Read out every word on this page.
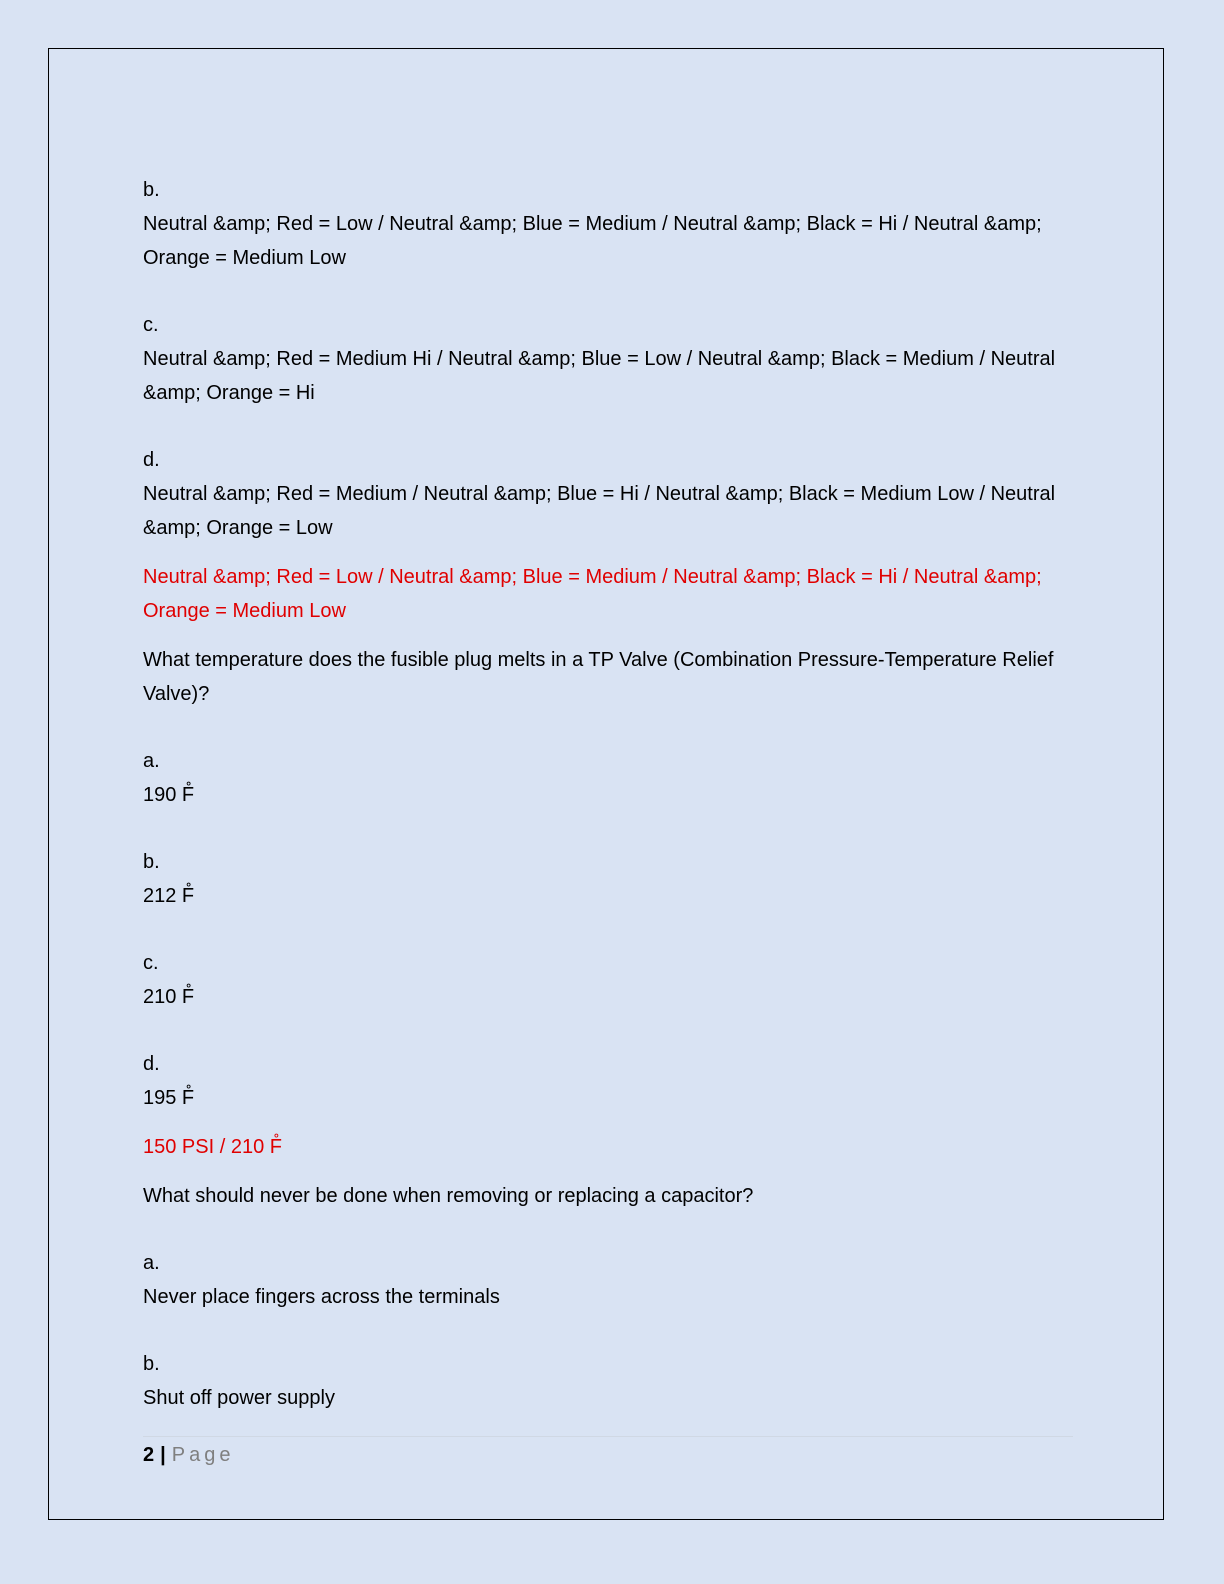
b.

Neutral &amp; Red = Low / Neutral &amp; Blue = Medium / Neutral &amp; Black = Hi / Neutral &amp; Orange = Medium Low

c.

Neutral &amp; Red = Medium Hi / Neutral &amp; Blue = Low / Neutral &amp; Black = Medium / Neutral &amp; Orange = Hi

d.

Neutral &amp; Red = Medium / Neutral &amp; Blue = Hi / Neutral &amp; Black = Medium Low / Neutral &amp; Orange = Low

Neutral &amp; Red = Low / Neutral &amp; Blue = Medium / Neutral &amp; Black = Hi / Neutral &amp; Orange = Medium Low

What temperature does the fusible plug melts in a TP Valve (Combination Pressure-Temperature Relief Valve)?

a.

190 F̊

b.

212 F̊

c.

210 F̊

d.

195 F̊

150 PSI / 210 F̊

What should never be done when removing or replacing a capacitor?

a.

Never place fingers across the terminals

b.

Shut off power supply

2 | Page
